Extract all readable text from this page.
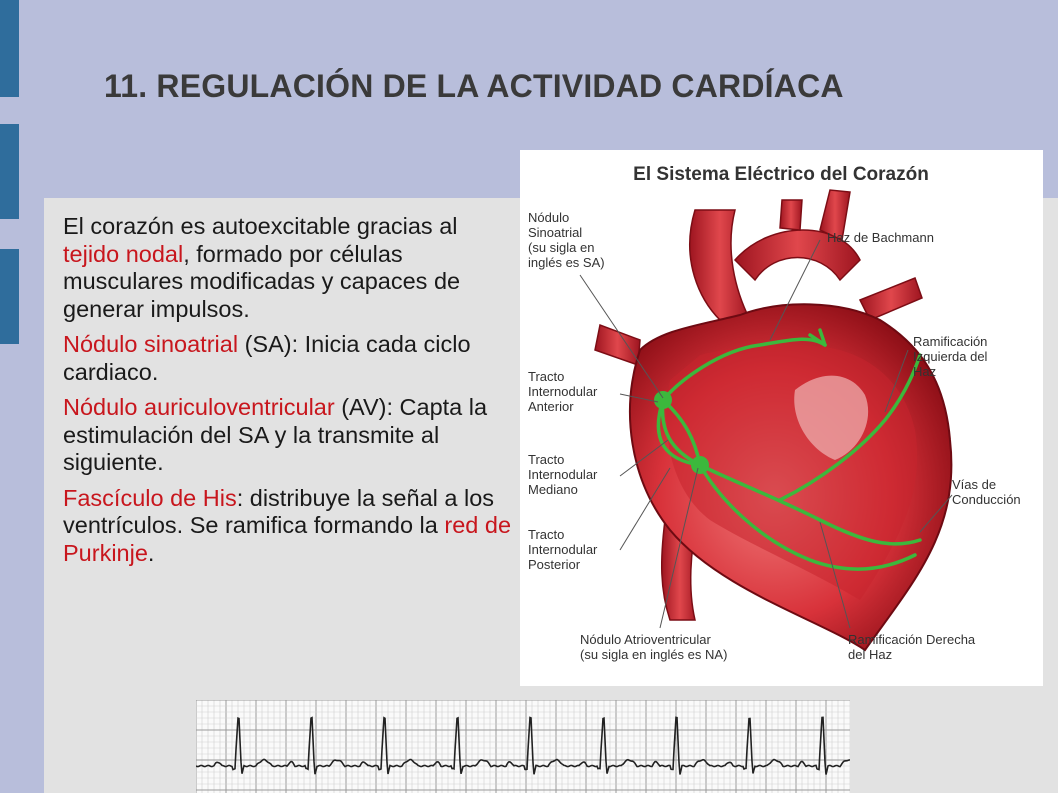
11. REGULACIÓN DE LA ACTIVIDAD CARDÍACA

El corazón es autoexcitable gracias al tejido nodal, formado por células musculares modificadas y capaces de generar impulsos.

Nódulo sinoatrial (SA): Inicia cada ciclo cardiaco.

Nódulo auriculoventricular (AV): Capta la estimulación del SA y la transmite al siguiente.

Fascículo de His: distribuye la señal a los ventrículos. Se ramifica formando la red de Purkinje.

El Sistema Eléctrico del Corazón
Nódulo
Sinoatrial
(su sigla en
inglés es SA)
Haz de Bachmann
Tracto
Internodular
Anterior
Ramificación
Izquierda del
Haz
Tracto
Internodular
Mediano	Vías de
Conducción
Tracto
Internodular
Posterior
Nódulo Atrioventricular
(su sigla en inglés es NA)
Ramificación Derecha
del Haz
